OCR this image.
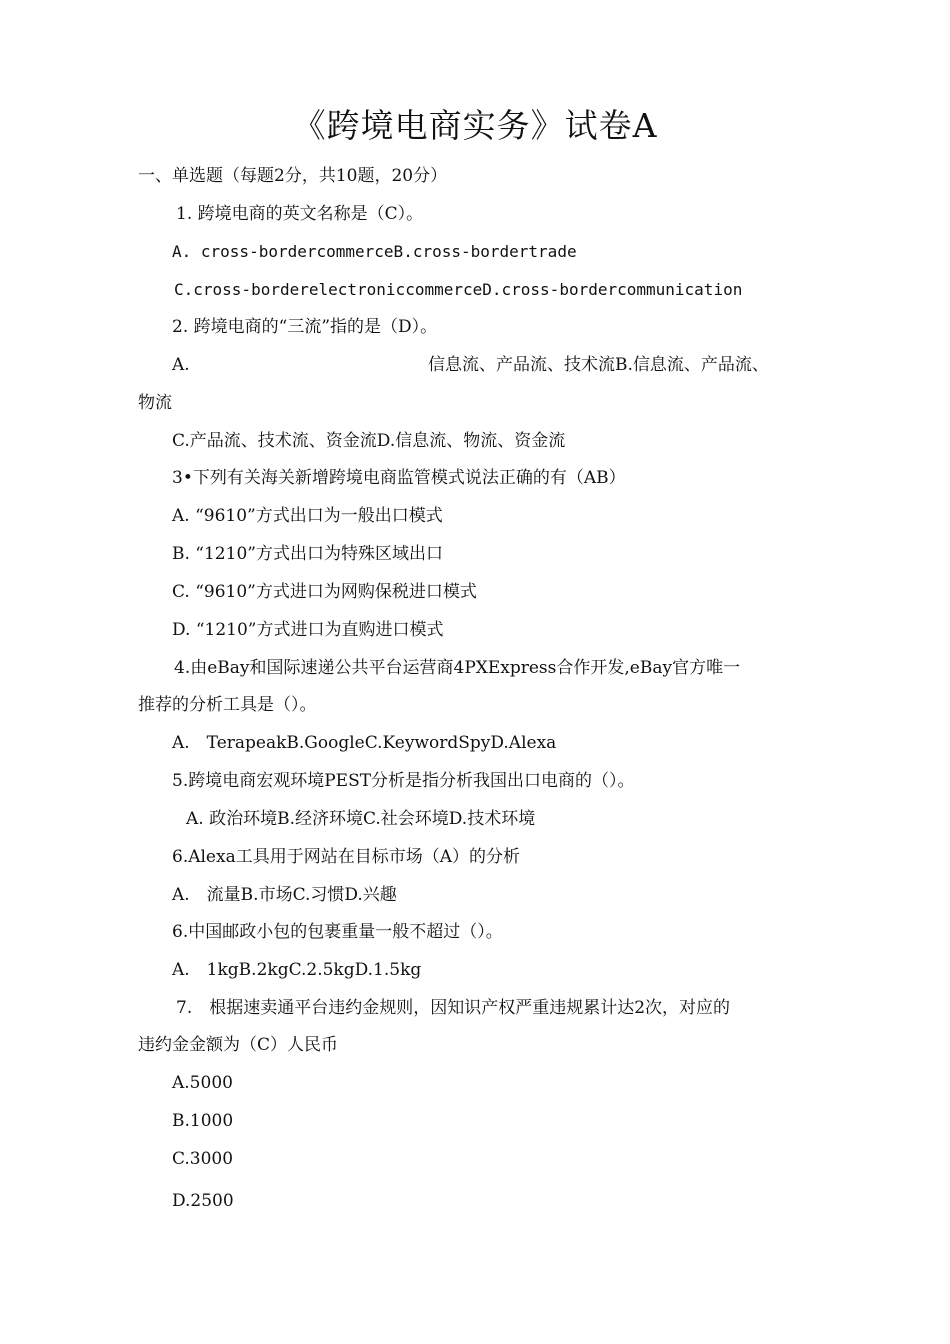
《跨境电商实务》试卷A
一、单选题（每题2分，共10题，20分）
1. 跨境电商的英文名称是（C）。
A. cross-bordercommerceB.cross-bordertrade
C.cross-borderelectroniccommerceD.cross-bordercommunication
2. 跨境电商的“三流”指的是（D）。
A.	信息流、产品流、技术流B.信息流、产品流、
物流
C.产品流、技术流、资金流D.信息流、物流、资金流
3•下列有关海关新增跨境电商监管模式说法正确的有（AB）
A. “9610”方式出口为一般出口模式
B. “1210”方式出口为特殊区域出口
C. “9610”方式进口为网购保税进口模式
D. “1210”方式进口为直购进口模式
4.由eBay和国际速递公共平台运营商4PXExpress合作开发,eBay官方唯一
推荐的分析工具是（）。
A.　TerapeakB.GoogleC.KeywordSpyD.Alexa
5.跨境电商宏观环境PEST分析是指分析我国出口电商的（）。
A. 政治环境B.经济环境C.社会环境D.技术环境
6.Alexa工具用于网站在目标市场（A）的分析
A.　流量B.市场C.习惯D.兴趣
6.中国邮政小包的包裹重量一般不超过（）。
A.　1kgB.2kgC.2.5kgD.1.5kg
7.　根据速卖通平台违约金规则，因知识产权严重违规累计达2次，对应的
违约金金额为（C）人民币
A.5000
B.1000
C.3000
D.2500
